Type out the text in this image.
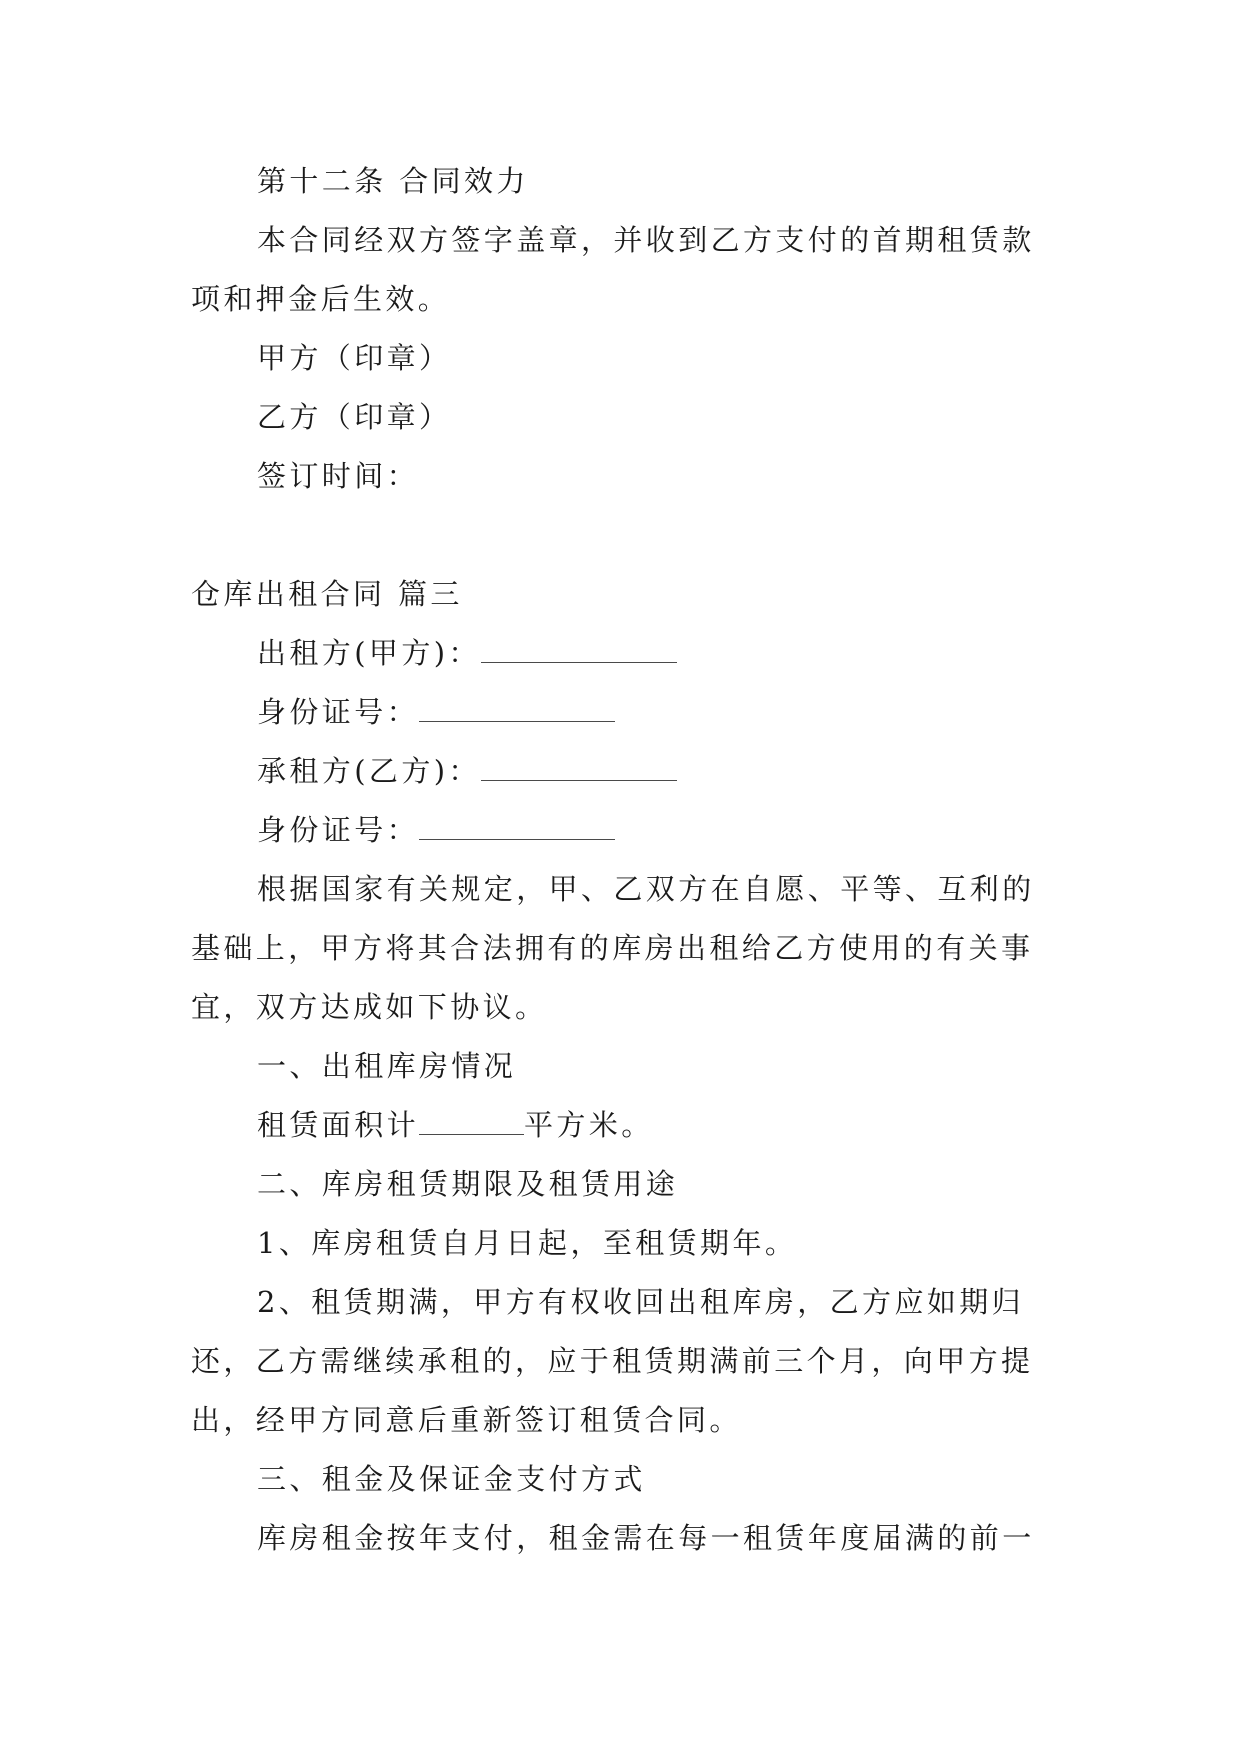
第十二条 合同效力

本合同经双方签字盖章，并收到乙方支付的首期租赁款项和押金后生效。

甲方（印章）

乙方（印章）

签订时间：

仓库出租合同 篇三

出租方(甲方)：

身份证号：

承租方(乙方)：

身份证号：

根据国家有关规定，甲、乙双方在自愿、平等、互利的基础上，甲方将其合法拥有的库房出租给乙方使用的有关事宜，双方达成如下协议。

一、出租库房情况

租赁面积计	平方米。

二、库房租赁期限及租赁用途

1、库房租赁自月日起，至租赁期年。

2、租赁期满，甲方有权收回出租库房，乙方应如期归还，乙方需继续承租的，应于租赁期满前三个月，向甲方提出，经甲方同意后重新签订租赁合同。

三、租金及保证金支付方式

库房租金按年支付，租金需在每一租赁年度届满的前一
